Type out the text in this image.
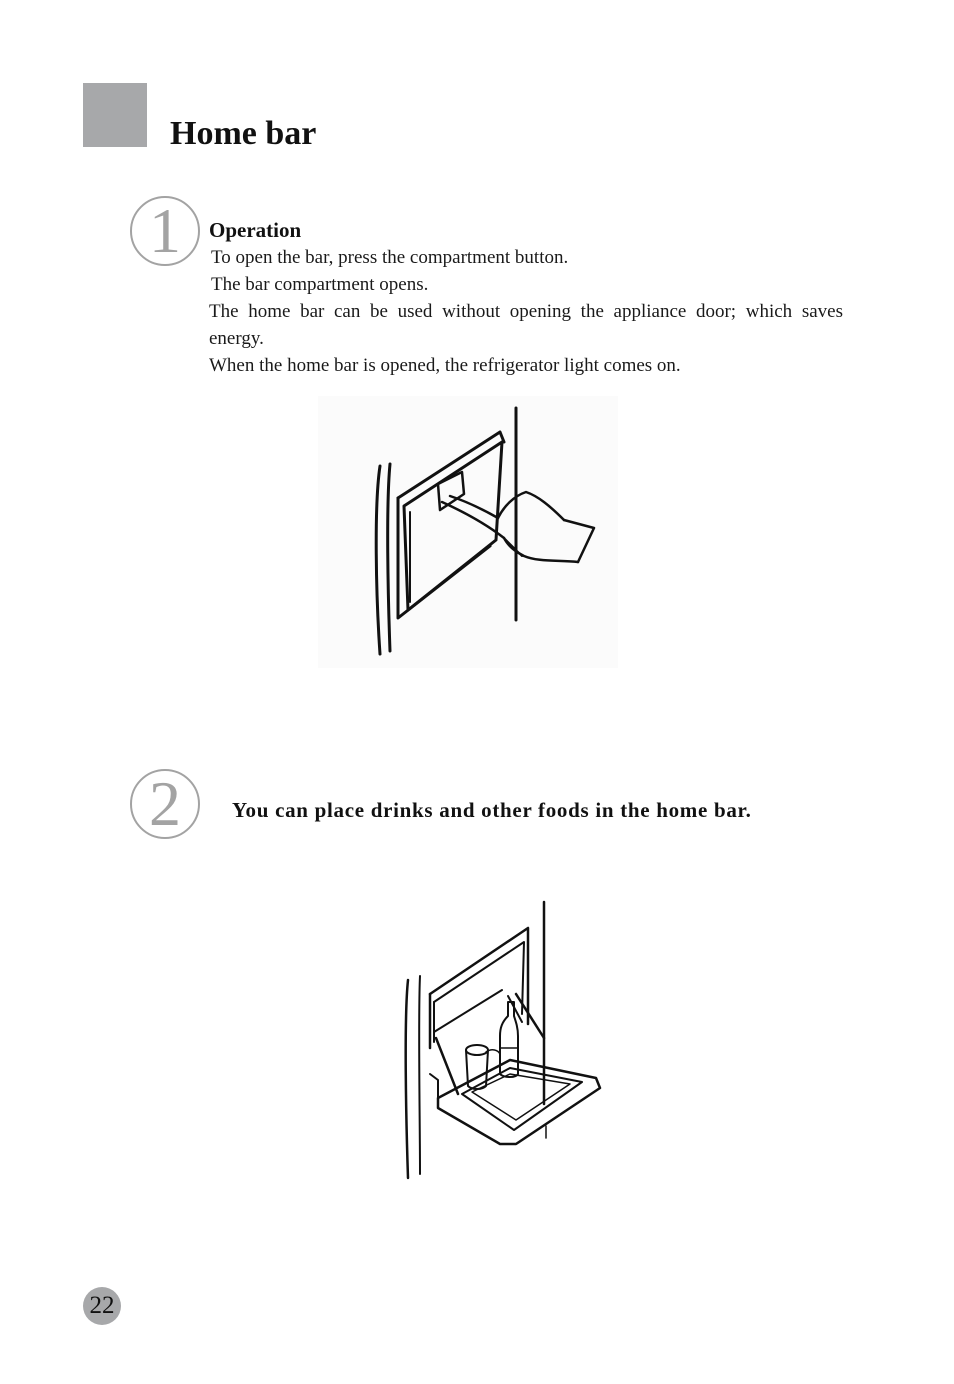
Home bar
1	Operation

To open the bar, press the compartment button.

The bar compartment opens.

The home bar can be used without opening the appliance door; which saves energy.

When the home bar is opened, the refrigerator light comes on.

2	You can place drinks and other foods in the home bar.

22
